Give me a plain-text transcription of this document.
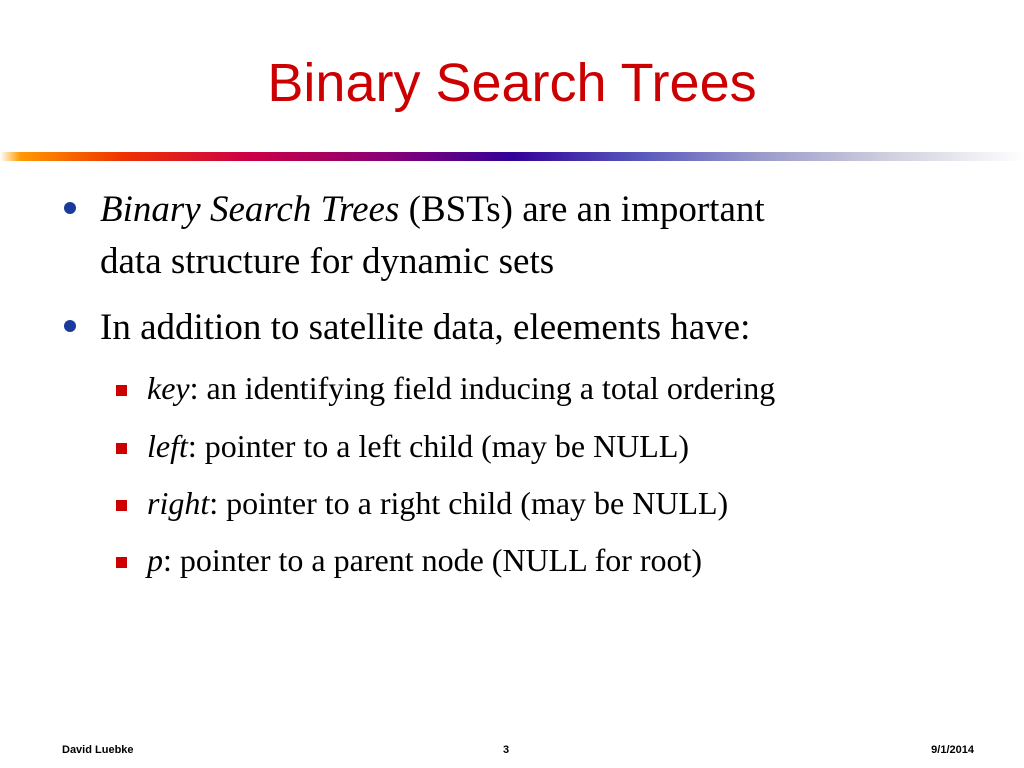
Binary Search Trees
Binary Search Trees (BSTs) are an important
data structure for dynamic sets
In addition to satellite data, eleements have:
key: an identifying field inducing a total ordering
left: pointer to a left child (may be NULL)
right: pointer to a right child (may be NULL)
p: pointer to a parent node (NULL for root)
David Luebke	3	9/1/2014
